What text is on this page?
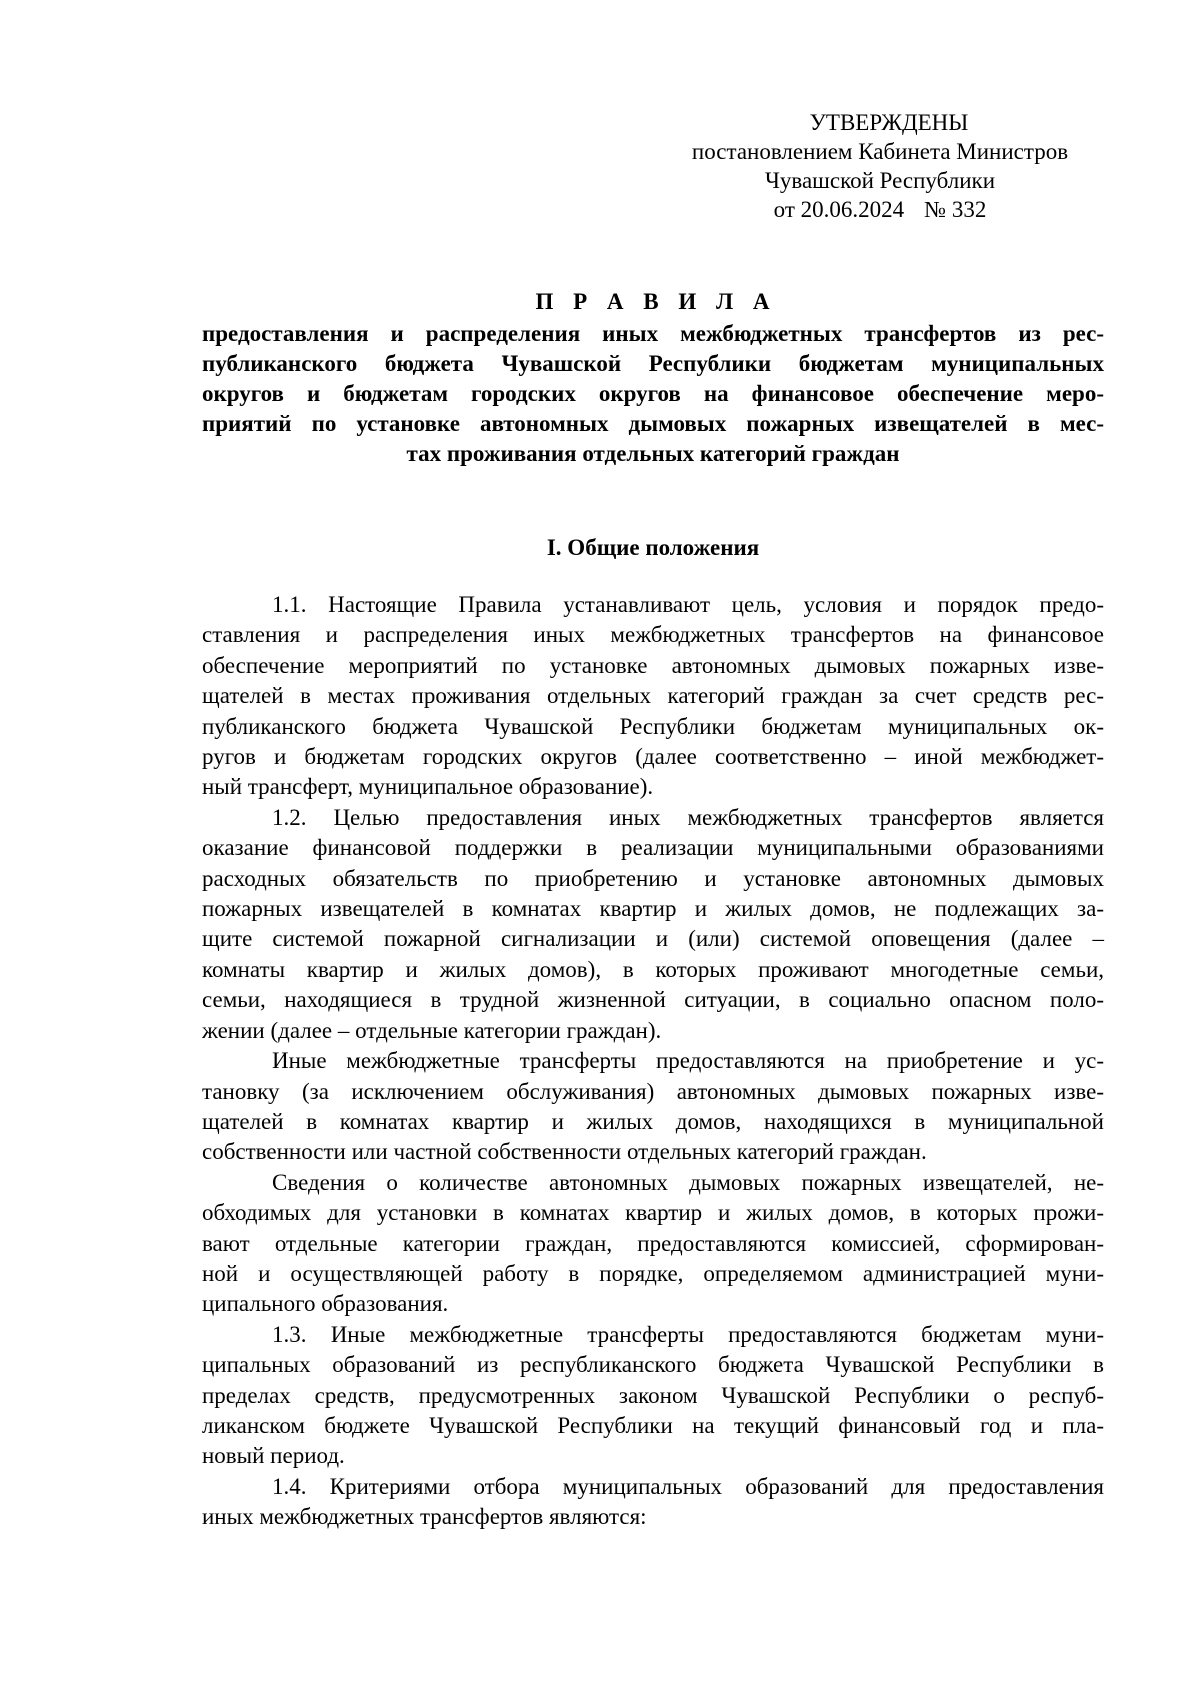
УТВЕРЖДЕНЫ
постановлением Кабинета Министров
Чувашской Республики
от 20.06.2024 № 332
П Р А В И Л А
предоставления и распределения иных межбюджетных трансфертов из рес-
публиканского бюджета Чувашской Республики бюджетам муниципальных
округов и бюджетам городских округов на финансовое обеспечение меро-
приятий по установке автономных дымовых пожарных извещателей в мес-
тах проживания отдельных категорий граждан
I. Общие положения
1.1. Настоящие Правила устанавливают цель, условия и порядок предо-
ставления и распределения иных межбюджетных трансфертов на финансовое
обеспечение мероприятий по установке автономных дымовых пожарных изве-
щателей в местах проживания отдельных категорий граждан за счет средств рес-
публиканского бюджета Чувашской Республики бюджетам муниципальных ок-
ругов и бюджетам городских округов (далее соответственно – иной межбюджет-
ный трансферт, муниципальное образование).
1.2. Целью предоставления иных межбюджетных трансфертов является
оказание финансовой поддержки в реализации муниципальными образованиями
расходных обязательств по приобретению и установке автономных дымовых
пожарных извещателей в комнатах квартир и жилых домов, не подлежащих за-
щите системой пожарной сигнализации и (или) системой оповещения (далее –
комнаты квартир и жилых домов), в которых проживают многодетные семьи,
семьи, находящиеся в трудной жизненной ситуации, в социально опасном поло-
жении (далее – отдельные категории граждан).
Иные межбюджетные трансферты предоставляются на приобретение и ус-
тановку (за исключением обслуживания) автономных дымовых пожарных изве-
щателей в комнатах квартир и жилых домов, находящихся в муниципальной
собственности или частной собственности отдельных категорий граждан.
Сведения о количестве автономных дымовых пожарных извещателей, не-
обходимых для установки в комнатах квартир и жилых домов, в которых прожи-
вают отдельные категории граждан, предоставляются комиссией, сформирован-
ной и осуществляющей работу в порядке, определяемом администрацией муни-
ципального образования.
1.3. Иные межбюджетные трансферты предоставляются бюджетам муни-
ципальных образований из республиканского бюджета Чувашской Республики в
пределах средств, предусмотренных законом Чувашской Республики о респуб-
ликанском бюджете Чувашской Республики на текущий финансовый год и пла-
новый период.
1.4. Критериями отбора муниципальных образований для предоставления
иных межбюджетных трансфертов являются:
